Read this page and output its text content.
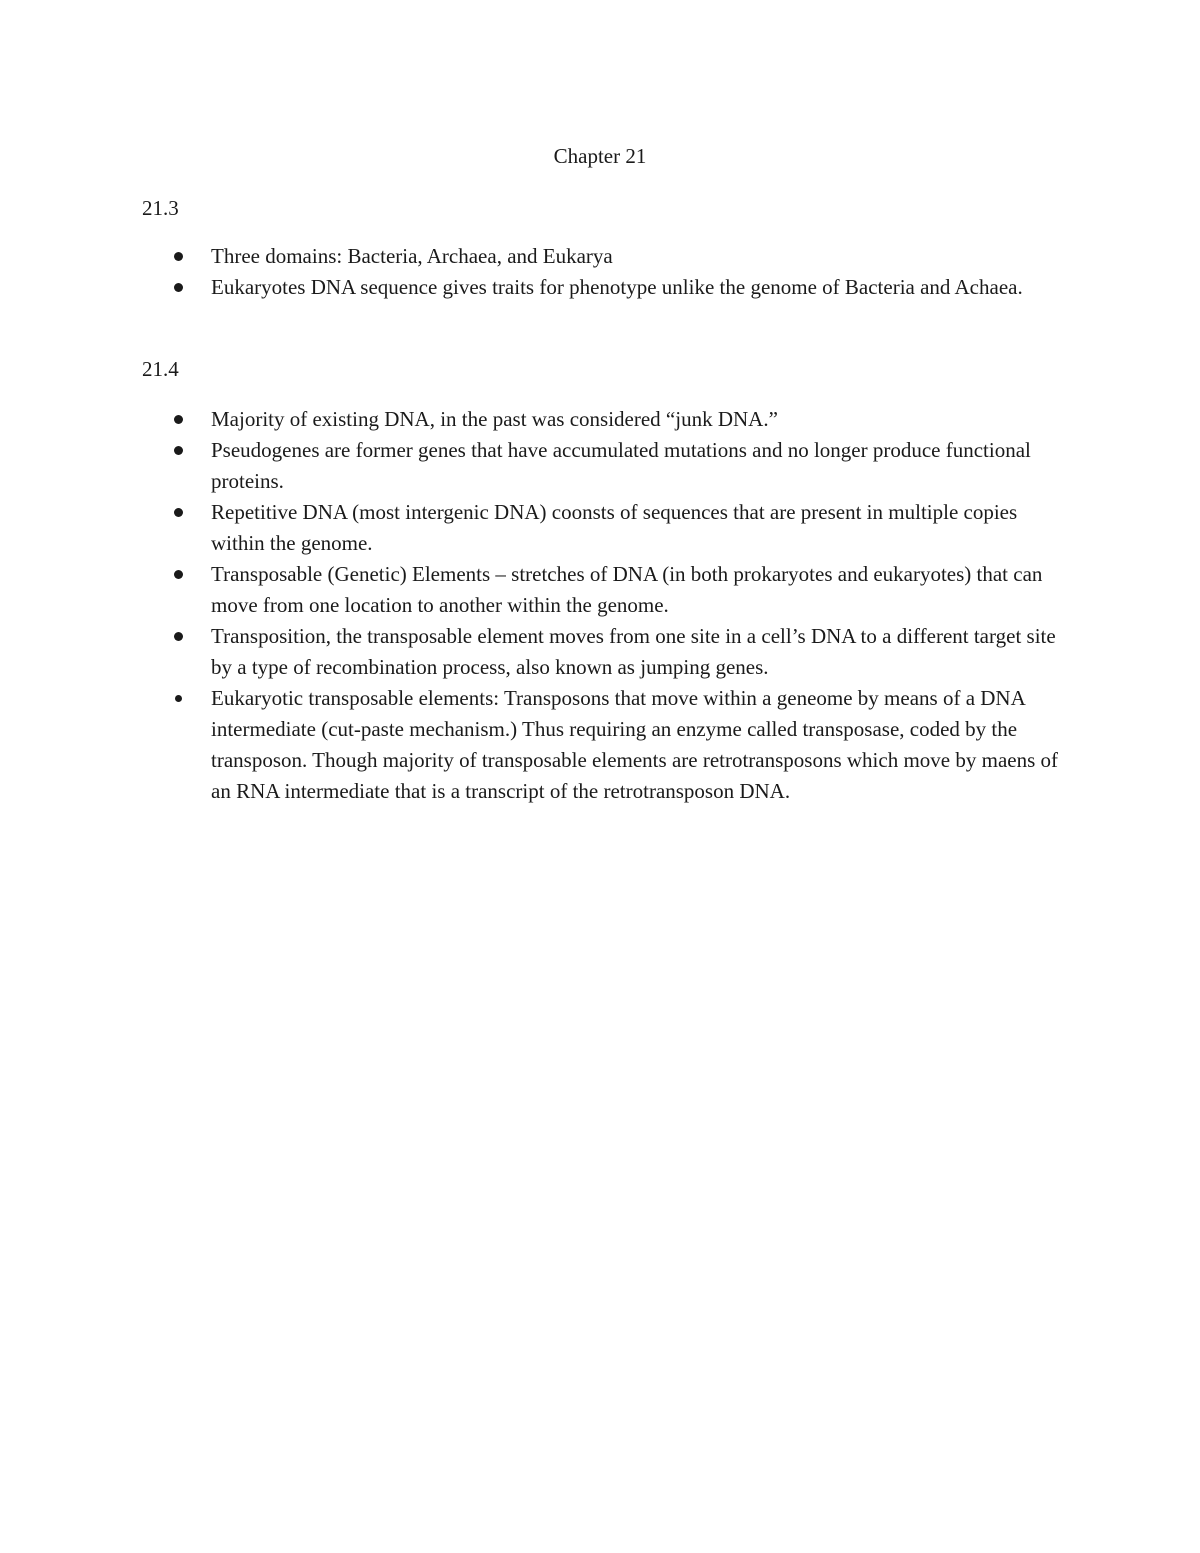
Chapter 21
21.3
Three domains: Bacteria, Archaea, and Eukarya
Eukaryotes DNA sequence gives traits for phenotype unlike the genome of Bacteria and Achaea.
21.4
Majority of existing DNA, in the past was considered “junk DNA.”
Pseudogenes are former genes that have accumulated mutations and no longer produce functional proteins.
Repetitive DNA (most intergenic DNA) coonsts of sequences that are present in multiple copies within the genome.
Transposable (Genetic) Elements – stretches of DNA (in both prokaryotes and eukaryotes) that can move from one location to another within the genome.
Transposition, the transposable element moves from one site in a cell’s DNA to a different target site by a type of recombination process, also known as jumping genes.
Eukaryotic transposable elements: Transposons that move within a geneome by means of a DNA intermediate (cut-paste mechanism.) Thus requiring an enzyme called transposase, coded by the transposon. Though majority of transposable elements are retrotransposons which move by maens of an RNA intermediate that is a transcript of the retrotransposon DNA.
